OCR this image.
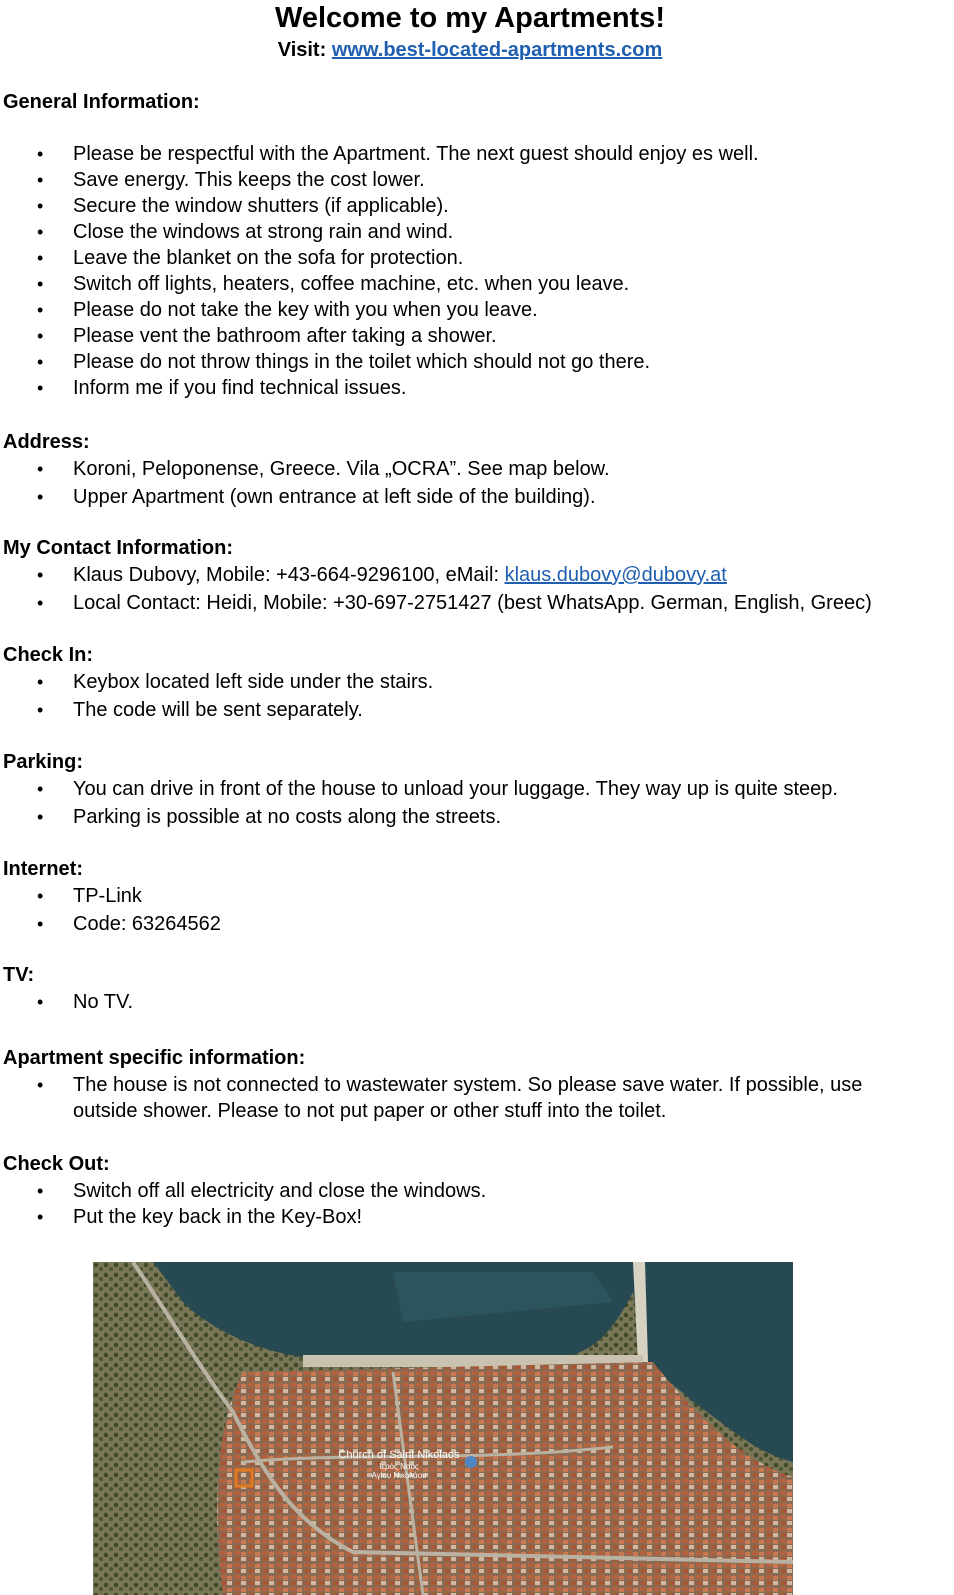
Welcome to my Apartments!
Visit: www.best-located-apartments.com
General Information:
• Please be respectful with the Apartment. The next guest should enjoy es well.
• Save energy. This keeps the cost lower.
• Secure the window shutters (if applicable).
• Close the windows at strong rain and wind.
• Leave the blanket on the sofa for protection.
• Switch off lights, heaters, coffee machine, etc. when you leave.
• Please do not take the key with you when you leave.
• Please vent the bathroom after taking a shower.
• Please do not throw things in the toilet which should not go there.
• Inform me if you find technical issues.
Address:
• Koroni, Peloponense, Greece. Vila „OCRA”. See map below.
• Upper Apartment (own entrance at left side of the building).
My Contact Information:
• Klaus Dubovy, Mobile: +43-664-9296100, eMail: klaus.dubovy@dubovy.at
• Local Contact: Heidi, Mobile: +30-697-2751427 (best WhatsApp. German, English, Greec)
Check In:
• Keybox located left side under the stairs.
• The code will be sent separately.
Parking:
• You can drive in front of the house to unload your luggage. They way up is quite steep.
• Parking is possible at no costs along the streets.
Internet:
• TP-Link
• Code: 63264562
TV:
• No TV.
Apartment specific information:
• The house is not connected to wastewater system. So please save water. If possible, use outside shower. Please to not put paper or other stuff into the toilet.
Check Out:
• Switch off all electricity and close the windows.
• Put the key back in the Key-Box!
Church of Saint Nikolaos
Ιερός Ναός
Αγίου Νικολάου
